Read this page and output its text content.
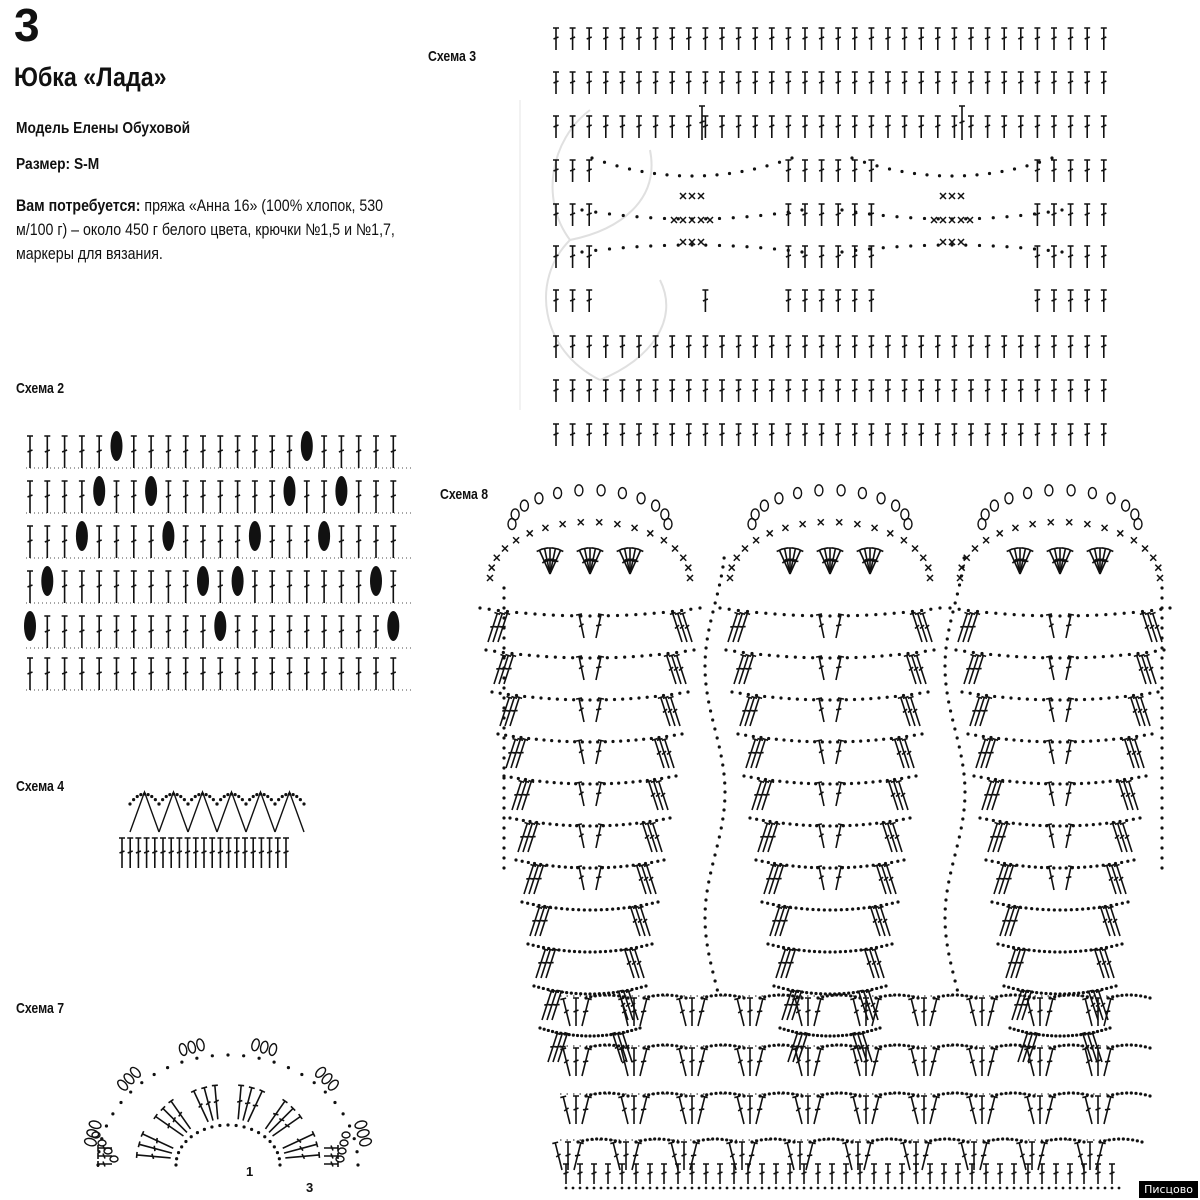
3
Юбка «Лада»
Модель Елены Обуховой
Размер: S-M
Вам потребуется: пряжа «Анна 16» (100% хлопок, 530 м/100 г) – около 450 г белого цвета, крючки №1,5 и №1,7, маркеры для вязания.
Схема 2
Схема 3
Схема 4
Схема 7
Схема 8
1
3	Писцово
